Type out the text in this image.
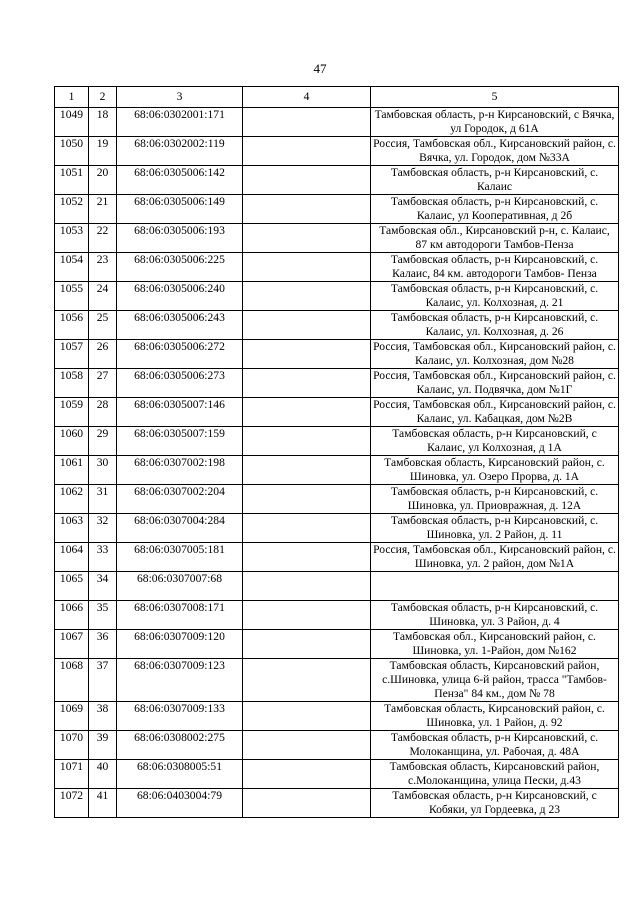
47
1	2	3	4	5
1049	18	68:06:0302001:171		Тамбовская область, р-н Кирсановский, с Вячка, ул Городок, д 61А
1050	19	68:06:0302002:119		Россия, Тамбовская обл., Кирсановский район, с. Вячка, ул. Городок, дом №33А
1051	20	68:06:0305006:142		Тамбовская область, р-н Кирсановский, с. Калаис
1052	21	68:06:0305006:149		Тамбовская область, р-н Кирсановский, с. Калаис, ул Кооперативная, д 2б
1053	22	68:06:0305006:193		Тамбовская обл., Кирсановский р-н, с. Калаис, 87 км автодороги Тамбов-Пенза
1054	23	68:06:0305006:225		Тамбовская область, р-н Кирсановский, с. Калаис, 84 км. автодороги Тамбов- Пенза
1055	24	68:06:0305006:240		Тамбовская область, р-н Кирсановский, с. Калаис, ул. Колхозная, д. 21
1056	25	68:06:0305006:243		Тамбовская область, р-н Кирсановский, с. Калаис, ул. Колхозная, д. 26
1057	26	68:06:0305006:272		Россия, Тамбовская обл., Кирсановский район, с. Калаис, ул. Колхозная, дом №28
1058	27	68:06:0305006:273		Россия, Тамбовская обл., Кирсановский район, с. Калаис, ул. Подвячка, дом №1Г
1059	28	68:06:0305007:146		Россия, Тамбовская обл., Кирсановский район, с. Калаис, ул. Кабацкая, дом №2В
1060	29	68:06:0305007:159		Тамбовская область, р-н Кирсановский, с Калаис, ул Колхозная, д 1А
1061	30	68:06:0307002:198		Тамбовская область, Кирсановский район, с. Шиновка, ул. Озеро Прорва, д. 1А
1062	31	68:06:0307002:204		Тамбовская область, р-н Кирсановский, с. Шиновка, ул. Приовражная, д. 12А
1063	32	68:06:0307004:284		Тамбовская область, р-н Кирсановский, с. Шиновка, ул. 2 Район, д. 11
1064	33	68:06:0307005:181		Россия, Тамбовская обл., Кирсановский район, с. Шиновка, ул. 2 район, дом №1А
1065	34	68:06:0307007:68		
1066	35	68:06:0307008:171		Тамбовская область, р-н Кирсановский, с. Шиновка, ул. 3 Район, д. 4
1067	36	68:06:0307009:120		Тамбовская обл., Кирсановский район, с. Шиновка, ул. 1-Район, дом №162
1068	37	68:06:0307009:123		Тамбовская область, Кирсановский район, с.Шиновка, улица 6-й район, трасса "Тамбов-Пенза" 84 км., дом № 78
1069	38	68:06:0307009:133		Тамбовская область, Кирсановский район, с. Шиновка, ул. 1 Район, д. 92
1070	39	68:06:0308002:275		Тамбовская область, р-н Кирсановский, с. Молоканщина, ул. Рабочая, д. 48А
1071	40	68:06:0308005:51		Тамбовская область, Кирсановский район, с.Молоканщина, улица Пески, д.43
1072	41	68:06:0403004:79		Тамбовская область, р-н Кирсановский, с Кобяки, ул Гордеевка, д 23
